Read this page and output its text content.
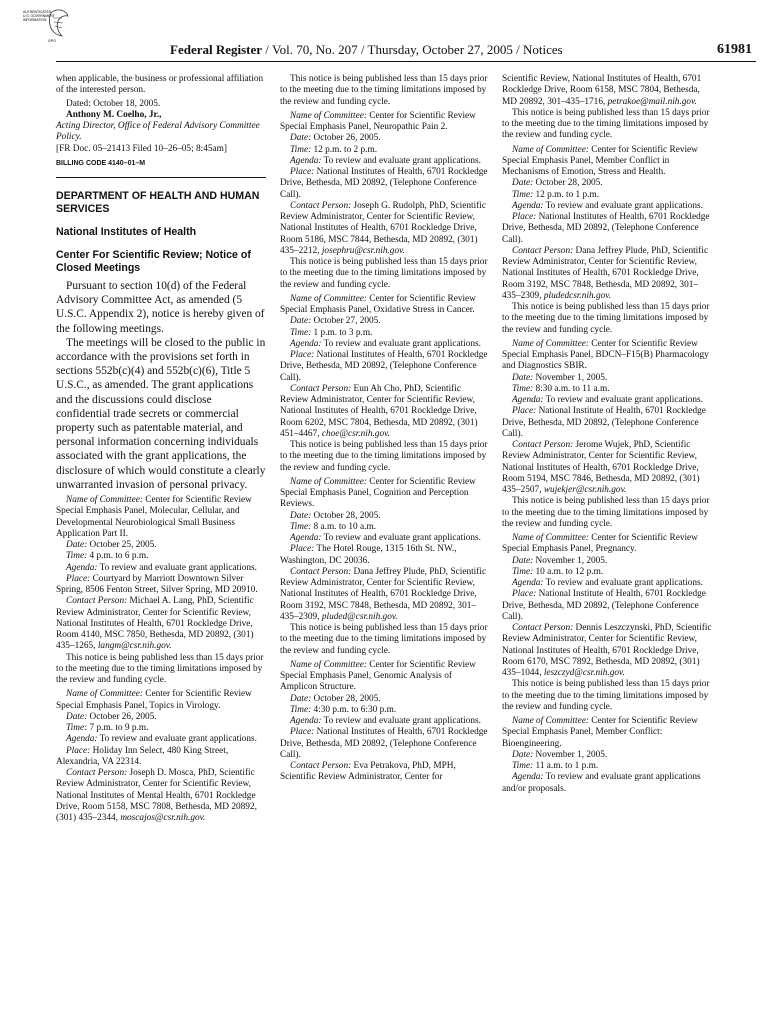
AUTHENTICATED
U.S. GOVERNMENT
INFORMATION
GPO
Federal Register / Vol. 70, No. 207 / Thursday, October 27, 2005 / Notices	61981

when applicable, the business or professional affiliation of the interested person.

Dated: October 18, 2005.

Anthony M. Coelho, Jr.,

Acting Director, Office of Federal Advisory Committee Policy.

[FR Doc. 05–21413 Filed 10–26–05; 8:45am]

BILLING CODE 4140–01–M
DEPARTMENT OF HEALTH AND HUMAN SERVICES
National Institutes of Health
Center For Scientific Review; Notice of Closed Meetings

Pursuant to section 10(d) of the Federal Advisory Committee Act, as amended (5 U.S.C. Appendix 2), notice is hereby given of the following meetings.

The meetings will be closed to the public in accordance with the provisions set forth in sections 552b(c)(4) and 552b(c)(6), Title 5 U.S.C., as amended. The grant applications and the discussions could disclose confidential trade secrets or commercial property such as patentable material, and personal information concerning individuals associated with the grant applications, the disclosure of which would constitute a clearly unwarranted invasion of personal privacy.

Name of Committee: Center for Scientific Review Special Emphasis Panel, Molecular, Cellular, and Developmental Neurobiological Small Business Application Part II.

Date: October 25, 2005.

Time: 4 p.m. to 6 p.m.

Agenda: To review and evaluate grant applications.

Place: Courtyard by Marriott Downtown Silver Spring, 8506 Fenton Street, Silver Spring, MD 20910.

Contact Person: Michael A. Lang, PhD, Scientific Review Administrator, Center for Scientific Review, National Institutes of Health, 6701 Rockledge Drive, Room 4140, MSC 7850, Bethesda, MD 20892, (301) 435–1265, langm@csr.nih.gov.

This notice is being published less than 15 days prior to the meeting due to the timing limitations imposed by the review and funding cycle.

Name of Committee: Center for Scientific Review Special Emphasis Panel, Topics in Virology.

Date: October 26, 2005.

Time: 7 p.m. to 9 p.m.

Agenda: To review and evaluate grant applications.

Place: Holiday Inn Select, 480 King Street, Alexandria, VA 22314.

Contact Person: Joseph D. Mosca, PhD, Scientific Review Administrator, Center for Scientific Review, National Institutes of Mental Health, 6701 Rockledge Drive, Room 5158, MSC 7808, Bethesda, MD 20892, (301) 435–2344, moscajos@csr.nih.gov.

This notice is being published less than 15 days prior to the meeting due to the timing limitations imposed by the review and funding cycle.

Name of Committee: Center for Scientific Review Special Emphasis Panel, Neuropathic Pain 2.

Date: October 26, 2005.

Time: 12 p.m. to 2 p.m.

Agenda: To review and evaluate grant applications.

Place: National Institutes of Health, 6701 Rockledge Drive, Bethesda, MD 20892, (Telephone Conference Call).

Contact Person: Joseph G. Rudolph, PhD, Scientific Review Administrator, Center for Scientific Review, National Institutes of Health, 6701 Rockledge Drive, Room 5186, MSC 7844, Bethesda, MD 20892, (301) 435–2212, josephru@csr.nih.gov.

This notice is being published less than 15 days prior to the meeting due to the timing limitations imposed by the review and funding cycle.

Name of Committee: Center for Scientific Review Special Emphasis Panel, Oxidative Stress in Cancer.

Date: October 27, 2005.

Time: 1 p.m. to 3 p.m.

Agenda: To review and evaluate grant applications.

Place: National Institutes of Health, 6701 Rockledge Drive, Bethesda, MD 20892, (Telephone Conference Call).

Contact Person: Eun Ah Cho, PhD, Scientific Review Administrator, Center for Scientific Review, National Institutes of Health, 6701 Rockledge Drive, Room 6202, MSC 7804, Bethesda, MD 20892, (301) 451–4467, choe@csr.nih.gov.

This notice is being published less than 15 days prior to the meeting due to the timing limitations imposed by the review and funding cycle.

Name of Committee: Center for Scientific Review Special Emphasis Panel, Cognition and Perception Reviews.

Date: October 28, 2005.

Time: 8 a.m. to 10 a.m.

Agenda: To review and evaluate grant applications.

Place: The Hotel Rouge, 1315 16th St. NW., Washington, DC 20036.

Contact Person: Dana Jeffrey Plude, PhD, Scientific Review Administrator, Center for Scientific Review, National Institutes of Health, 6701 Rockledge Drive, Room 3192, MSC 7848, Bethesda, MD 20892, 301–435–2309, pluded@csr.nih.gov.

This notice is being published less than 15 days prior to the meeting due to the timing limitations imposed by the review and funding cycle.

Name of Committee: Center for Scientific Review Special Emphasis Panel, Genomic Analysis of Amplicon Structure.

Date: October 28, 2005.

Time: 4:30 p.m. to 6:30 p.m.

Agenda: To review and evaluate grant applications.

Place: National Institutes of Health, 6701 Rockledge Drive, Bethesda, MD 20892, (Telephone Conference Call).

Contact Person: Eva Petrakova, PhD, MPH, Scientific Review Administrator, Center for

Scientific Review, National Institutes of Health, 6701 Rockledge Drive, Room 6158, MSC 7804, Bethesda, MD 20892, 301–435–1716, petrakoe@mail.nih.gov.

This notice is being published less than 15 days prior to the meeting due to the timing limitations imposed by the review and funding cycle.

Name of Committee: Center for Scientific Review Special Emphasis Panel, Member Conflict in Mechanisms of Emotion, Stress and Health.

Date: October 28, 2005.

Time: 12 p.m. to 1 p.m.

Agenda: To review and evaluate grant applications.

Place: National Institutes of Health, 6701 Rockledge Drive, Bethesda, MD 20892, (Telephone Conference Call).

Contact Person: Dana Jeffrey Plude, PhD, Scientific Review Administrator, Center for Scientific Review, National Institutes of Health, 6701 Rockledge Drive, Room 3192, MSC 7848, Bethesda, MD 20892, 301–435–2309, pludedcsr.nih.gov.

This notice is being published less than 15 days prior to the meeting due to the timing limitations imposed by the review and funding cycle.

Name of Committee: Center for Scientific Review Special Emphasis Panel, BDCN–F15(B) Pharmacology and Diagnostics SBIR.

Date: November 1, 2005.

Time: 8:30 a.m. to 11 a.m.

Agenda: To review and evaluate grant applications.

Place: National Institute of Health, 6701 Rockledge Drive, Bethesda, MD 20892, (Telephone Conference Call).

Contact Person: Jerome Wujek, PhD, Scientific Review Administrator, Center for Scientific Review, National Institutes of Health, 6701 Rockledge Drive, Room 5194, MSC 7846, Bethesda, MD 20892, (301) 435–2507, wujekjer@csr.nih.gov.

This notice is being published less than 15 days prior to the meeting due to the timing limitations imposed by the review and funding cycle.

Name of Committee: Center for Scientific Review Special Emphasis Panel, Pregnancy.

Date: November 1, 2005.

Time: 10 a.m. to 12 p.m.

Agenda: To review and evaluate grant applications.

Place: National Institute of Health, 6701 Rockledge Drive, Bethesda, MD 20892, (Telephone Conference Call).

Contact Person: Dennis Leszczynski, PhD, Scientific Review Administrator, Center for Scientific Review, National Institutes of Health, 6701 Rockledge Drive, Room 6170, MSC 7892, Bethesda, MD 20892, (301) 435–1044, leszczyd@csr.nih.gov.

This notice is being published less than 15 days prior to the meeting due to the timing limitations imposed by the review and funding cycle.

Name of Committee: Center for Scientific Review Special Emphasis Panel, Member Conflict: Bioengineering.

Date: November 1, 2005.

Time: 11 a.m. to 1 p.m.

Agenda: To review and evaluate grant applications and/or proposals.
